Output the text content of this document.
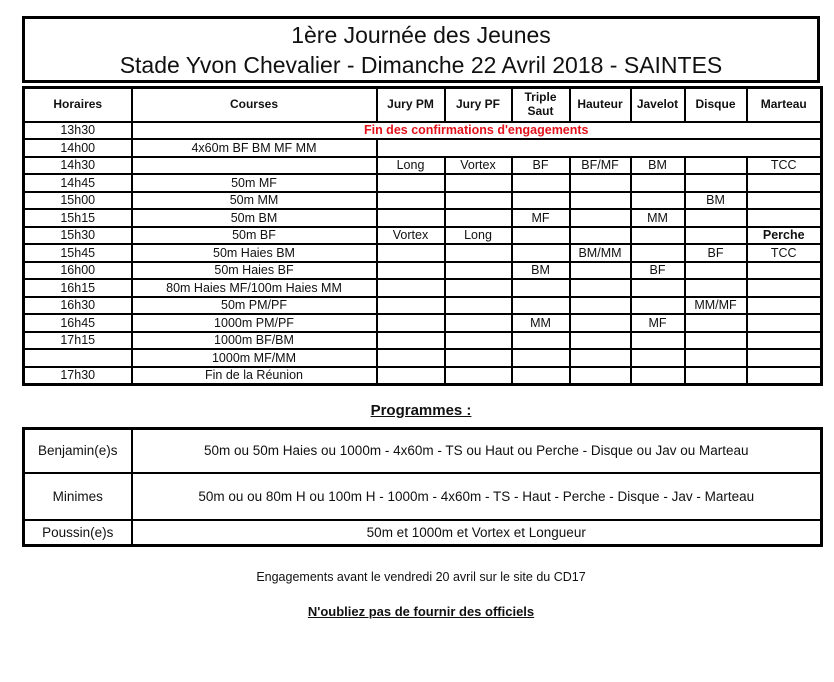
1ère Journée des Jeunes
Stade Yvon Chevalier - Dimanche 22 Avril 2018 - SAINTES
Horaires	Courses	Jury PM	Jury PF	Triple Saut	Hauteur	Javelot	Disque	Marteau
13h30	Fin des confirmations d'engagements							
14h00	4x60m BF BM MF MM							
14h30		Long	Vortex	BF	BF/MF	BM		TCC
14h45	50m MF							
15h00	50m MM						BM	
15h15	50m BM			MF		MM		
15h30	50m BF	Vortex	Long					Perche
15h45	50m Haies BM				BM/MM		BF	TCC
16h00	50m Haies BF			BM		BF		
16h15	80m Haies MF/100m Haies MM							
16h30	50m PM/PF						MM/MF	
16h45	1000m PM/PF			MM		MF		
17h15	1000m BF/BM							
	1000m MF/MM							
17h30	Fin de la Réunion							
Programmes :
Benjamin(e)s	50m ou 50m Haies ou 1000m - 4x60m - TS ou Haut ou Perche - Disque ou Jav ou Marteau
Minimes	50m ou ou 80m H ou 100m H - 1000m - 4x60m - TS - Haut - Perche - Disque - Jav - Marteau
Poussin(e)s	50m et 1000m et Vortex et Longueur
Engagements avant le vendredi 20 avril sur le site du CD17
N'oubliez pas de fournir des officiels
